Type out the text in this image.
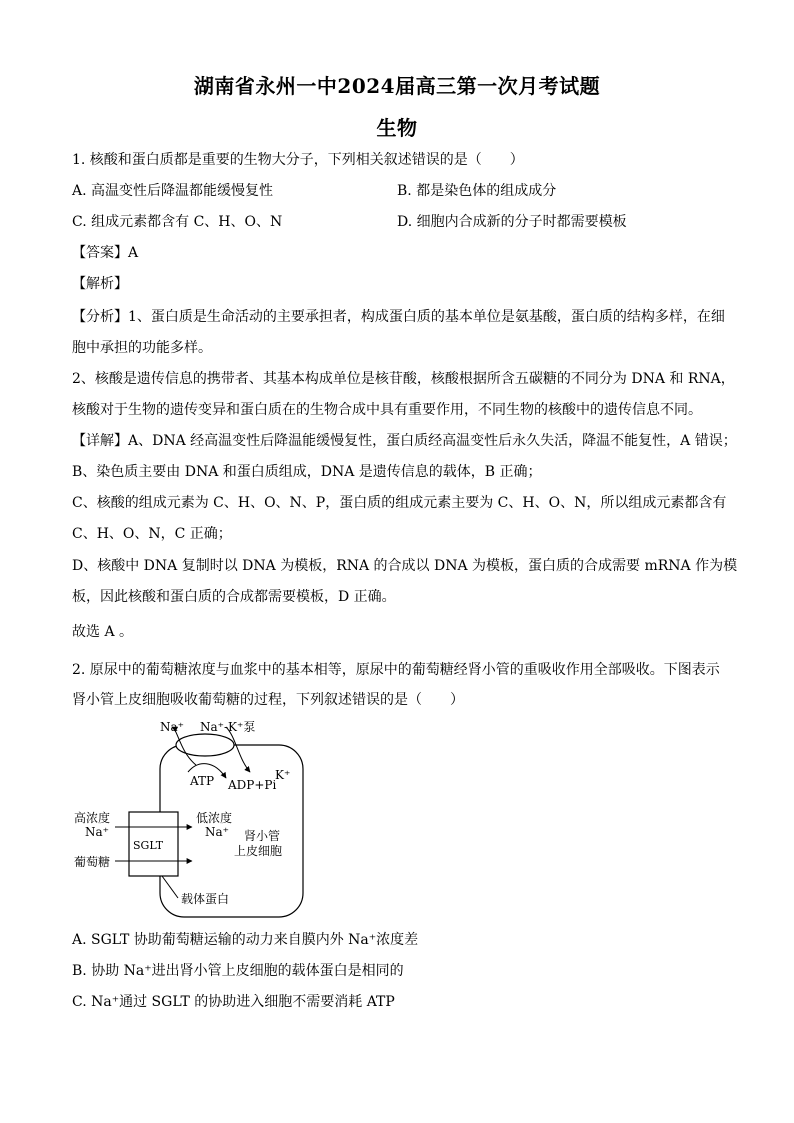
湖南省永州一中2024届高三第一次月考试题
生物
1. 核酸和蛋白质都是重要的生物大分子，下列相关叙述错误的是（　　）
A. 高温变性后降温都能缓慢复性	B. 都是染色体的组成成分
C. 组成元素都含有 C、H、O、N	D. 细胞内合成新的分子时都需要模板
【答案】A
【解析】
【分析】1、蛋白质是生命活动的主要承担者，构成蛋白质的基本单位是氨基酸，蛋白质的结构多样，在细
胞中承担的功能多样。
2、核酸是遗传信息的携带者、其基本构成单位是核苷酸，核酸根据所含五碳糖的不同分为 DNA 和 RNA，
核酸对于生物的遗传变异和蛋白质在的生物合成中具有重要作用，不同生物的核酸中的遗传信息不同。
【详解】A、DNA 经高温变性后降温能缓慢复性，蛋白质经高温变性后永久失活，降温不能复性，A 错误；
B、染色质主要由 DNA 和蛋白质组成，DNA 是遗传信息的载体，B 正确；
C、核酸的组成元素为 C、H、O、N、P，蛋白质的组成元素主要为 C、H、O、N，所以组成元素都含有
C、H、O、N，C 正确；
D、核酸中 DNA 复制时以 DNA 为模板，RNA 的合成以 DNA 为模板，蛋白质的合成需要 mRNA 作为模
板，因此核酸和蛋白质的合成都需要模板，D 正确。
故选 A 。
2. 原尿中的葡萄糖浓度与血浆中的基本相等，原尿中的葡萄糖经肾小管的重吸收作用全部吸收。下图表示
肾小管上皮细胞吸收葡萄糖的过程，下列叙述错误的是（　　）
Na⁺ Na⁺-K⁺泵
ATP ADP+Pi
K⁺
SGLT
高浓度
Na⁺
葡萄糖
低浓度
Na⁺ 肾小管
上皮细胞
载体蛋白
A. SGLT 协助葡萄糖运输的动力来自膜内外 Na⁺浓度差
B. 协助 Na⁺进出肾小管上皮细胞的载体蛋白是相同的
C. Na⁺通过 SGLT 的协助进入细胞不需要消耗 ATP
